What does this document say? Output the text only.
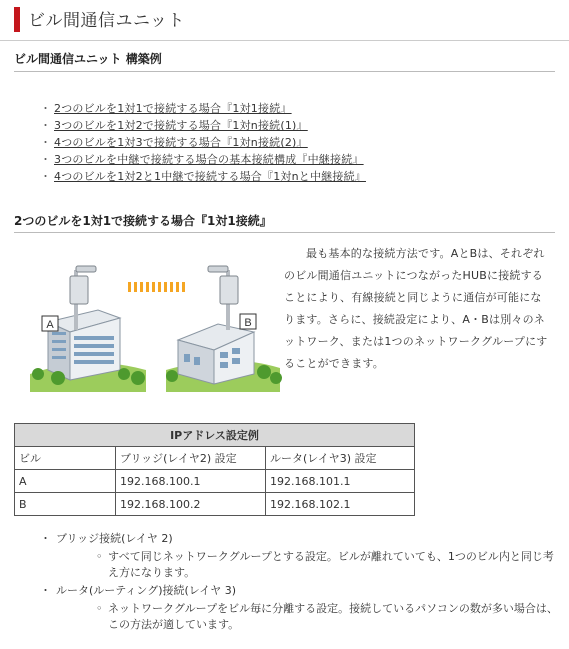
ビル間通信ユニット
ビル間通信ユニット 構築例
・ 2つのビルを1対1で接続する場合『1対1接続』
・ 3つのビルを1対2で接続する場合『1対n接続(1)』
・ 4つのビルを1対3で接続する場合『1対n接続(2)』
・ 3つのビルを中継で接続する場合の基本接続構成『中継接続』
・ 4つのビルを1対2と1中継で接続する場合『1対nと中継接続』
2つのビルを1対1で接続する場合『1対1接続』
A	B

最も基本的な接続方法です。AとBは、それぞれのビル間通信ユニットにつながったHUBに接続することにより、有線接続と同じように通信が可能になります。さらに、接続設定により、A・Bは別々のネットワーク、または1つのネットワークグループにすることができます。

IPアドレス設定例		
ビル	ブリッジ(レイヤ2) 設定	ルータ(レイヤ3) 設定
A	192.168.100.1	192.168.101.1
B	192.168.100.2	192.168.102.1
・ ブリッジ接続(レイヤ 2)
◦ すべて同じネットワークグループとする設定。ビルが離れていても、1つのビル内と同じ考え方になります。
・ ルータ(ルーティング)接続(レイヤ 3)
◦ ネットワークグループをビル毎に分離する設定。接続しているパソコンの数が多い場合は、この方法が適しています。
